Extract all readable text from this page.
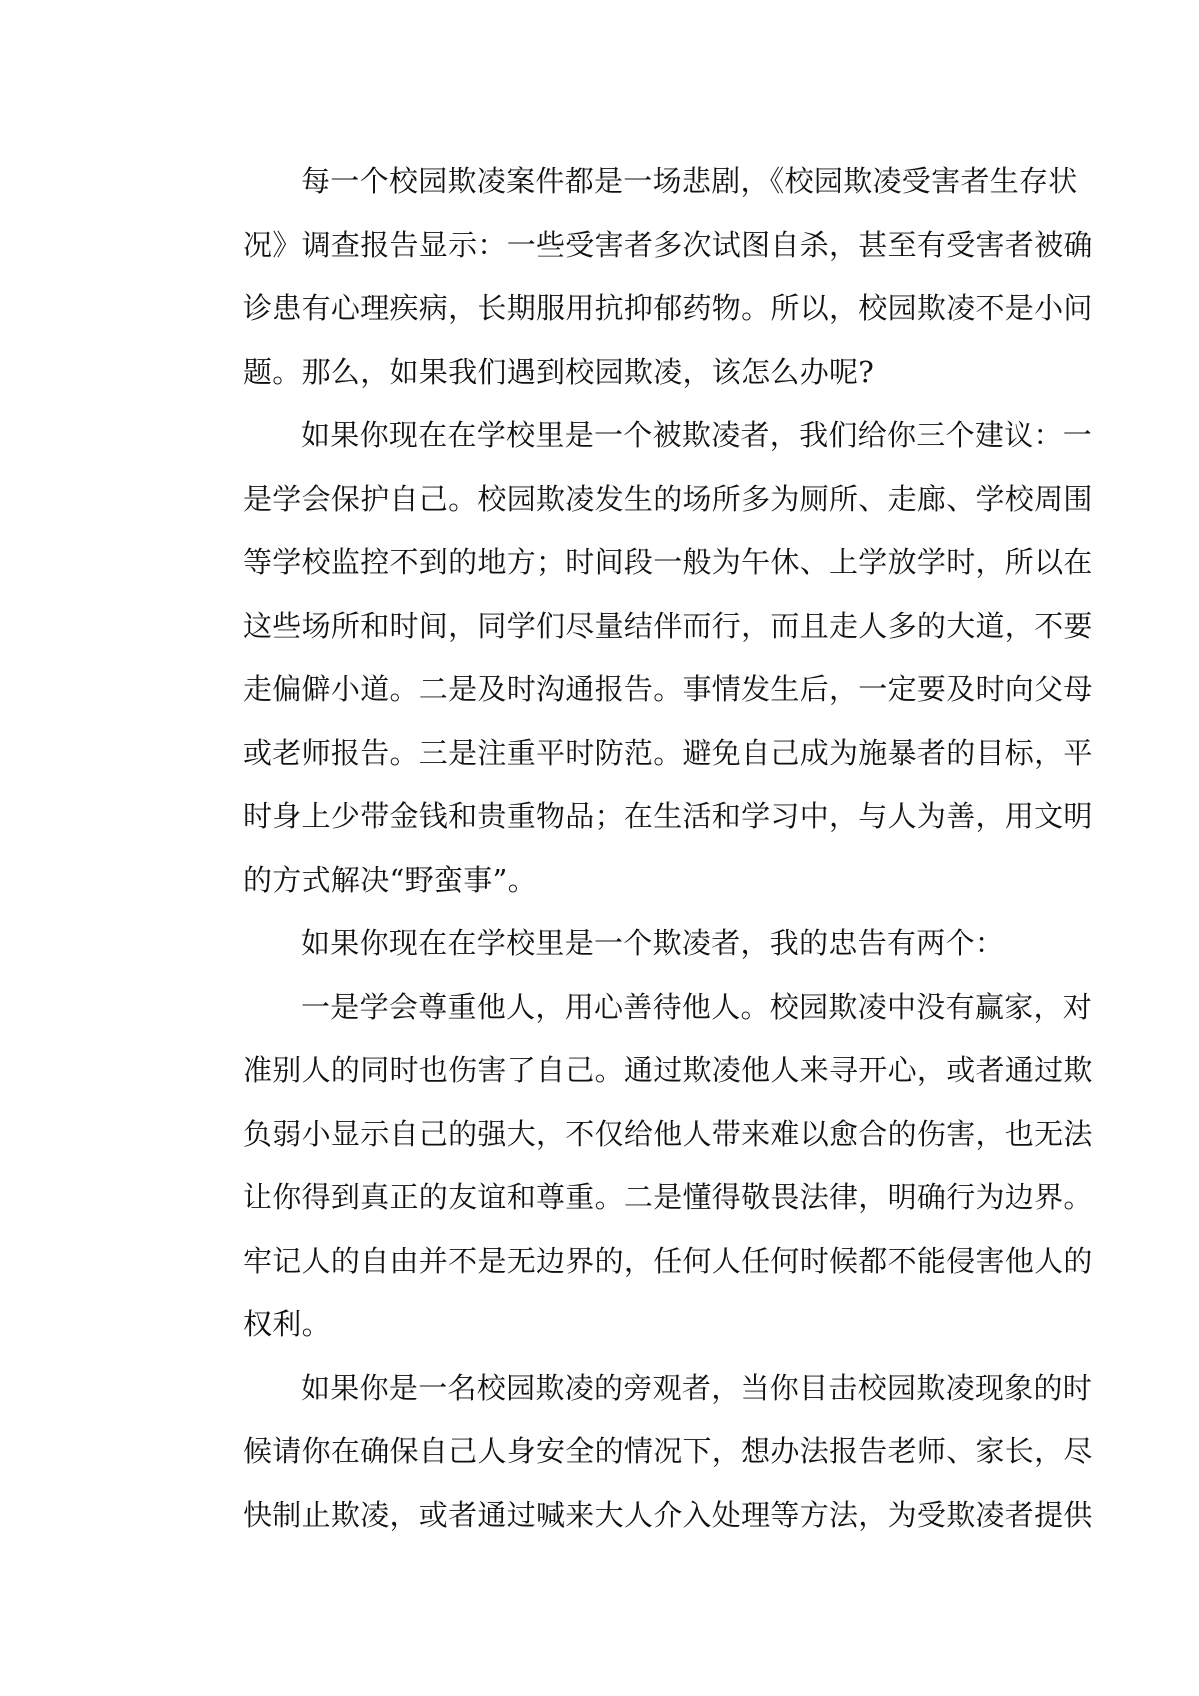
每一个校园欺凌案件都是一场悲剧，《校园欺凌受害者生存状
况》调查报告显示：一些受害者多次试图自杀，甚至有受害者被确
诊患有心理疾病，长期服用抗抑郁药物。所以，校园欺凌不是小问
题。那么，如果我们遇到校园欺凌，该怎么办呢?

如果你现在在学校里是一个被欺凌者，我们给你三个建议：一
是学会保护自己。校园欺凌发生的场所多为厕所、走廊、学校周围
等学校监控不到的地方；时间段一般为午休、上学放学时，所以在
这些场所和时间，同学们尽量结伴而行，而且走人多的大道，不要
走偏僻小道。二是及时沟通报告。事情发生后，一定要及时向父母
或老师报告。三是注重平时防范。避免自己成为施暴者的目标，平
时身上少带金钱和贵重物品；在生活和学习中，与人为善，用文明
的方式解决“野蛮事”。

如果你现在在学校里是一个欺凌者，我的忠告有两个：

一是学会尊重他人，用心善待他人。校园欺凌中没有赢家，对
准别人的同时也伤害了自己。通过欺凌他人来寻开心，或者通过欺
负弱小显示自己的强大，不仅给他人带来难以愈合的伤害，也无法
让你得到真正的友谊和尊重。二是懂得敬畏法律，明确行为边界。
牢记人的自由并不是无边界的，任何人任何时候都不能侵害他人的
权利。

如果你是一名校园欺凌的旁观者，当你目击校园欺凌现象的时
候请你在确保自己人身安全的情况下，想办法报告老师、家长，尽
快制止欺凌，或者通过喊来大人介入处理等方法，为受欺凌者提供
